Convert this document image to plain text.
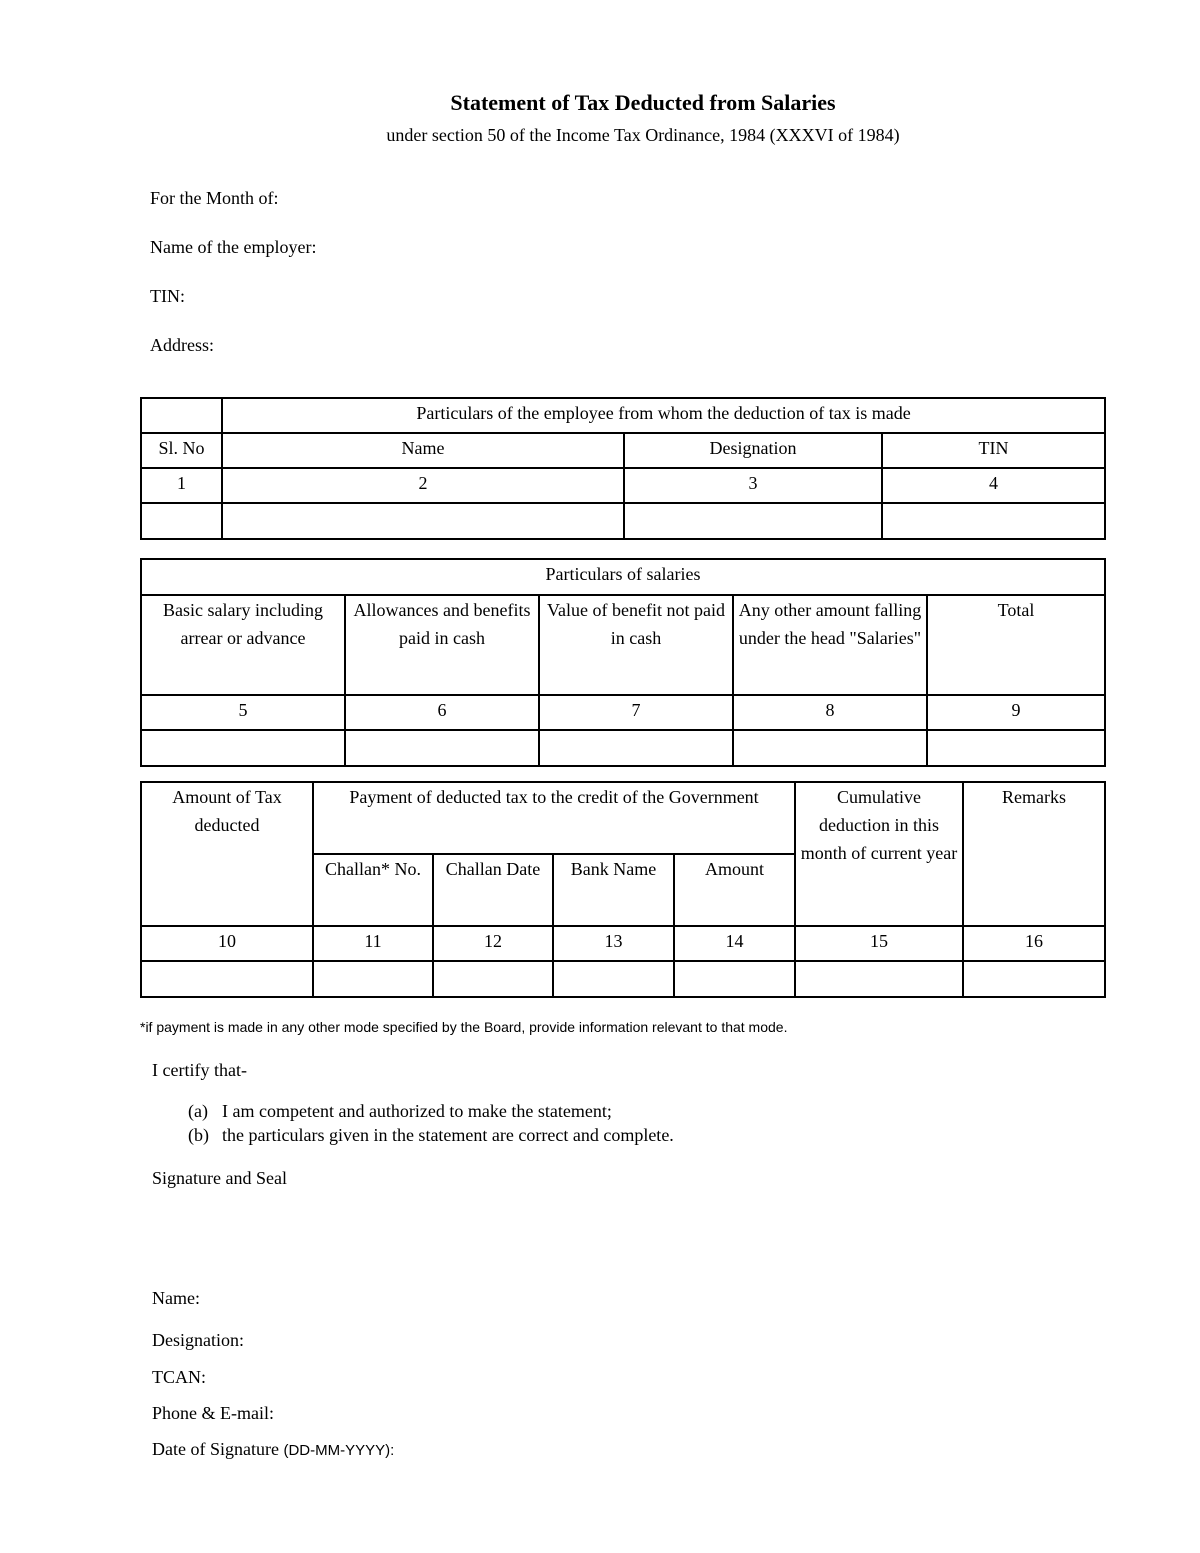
Statement of Tax Deducted from Salaries
under section 50 of the Income Tax Ordinance, 1984 (XXXVI of 1984)
For the Month of:
Name of the employer:
TIN:
Address:
	Particulars of the employee from whom the deduction of tax is made		
Sl. No	Name	Designation	TIN
1	2	3	4

Particulars of salaries				
Basic salary including arrear or advance	Allowances and benefits paid in cash	Value of benefit not paid in cash	Any other amount falling under the head "Salaries"	Total
5	6	7	8	9

Amount of Tax deducted	Payment of deducted tax to the credit of the Government				Cumulative deduction in this month of current year	Remarks
	Challan* No.	Challan Date	Bank Name	Amount		
10	11	12	13	14	15	16

*if payment is made in any other mode specified by the Board, provide information relevant to that mode.
I certify that-
(a) I am competent and authorized to make the statement;
(b) the particulars given in the statement are correct and complete.
Signature and Seal
Name:
Designation:
TCAN:
Phone & E-mail:
Date of Signature (DD-MM-YYYY):
